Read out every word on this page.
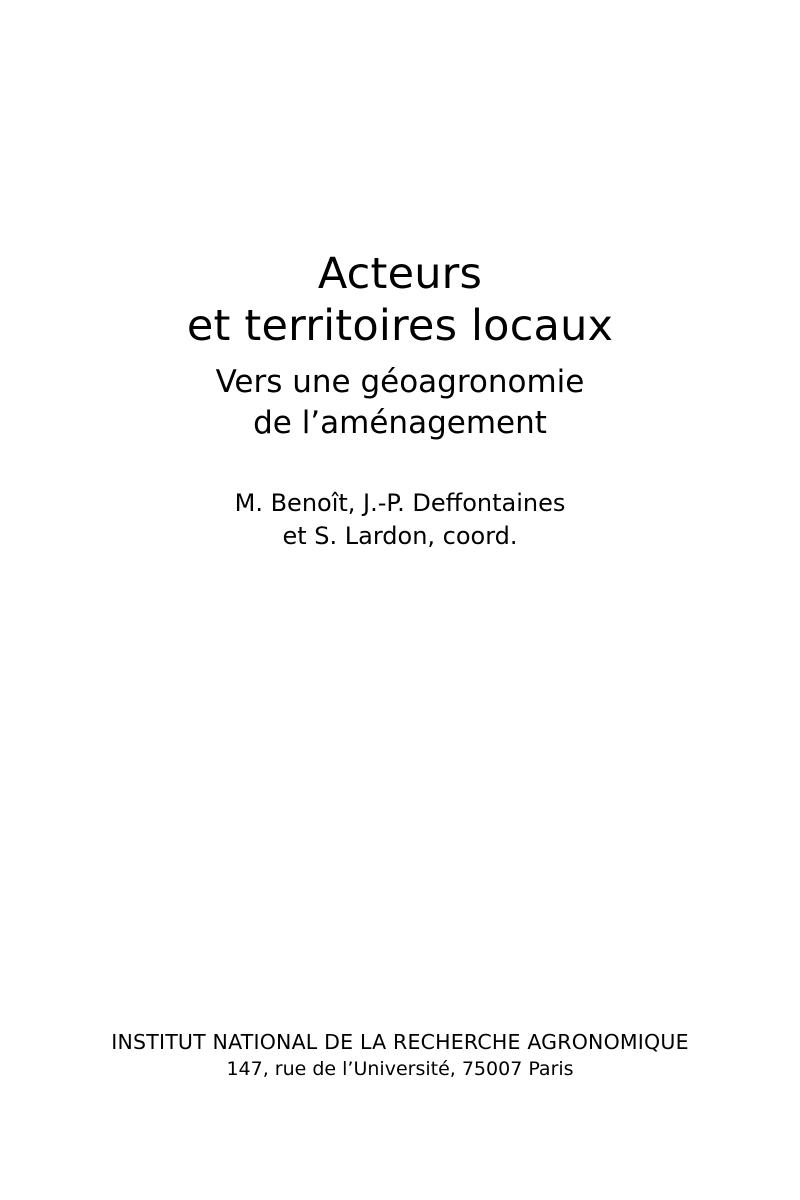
Acteurs
et territoires locaux
Vers une géoagronomie
de l’aménagement
M. Benoît, J.-P. Deffontaines
et S. Lardon, coord.
INSTITUT NATIONAL DE LA RECHERCHE AGRONOMIQUE
147, rue de l’Université, 75007 Paris
